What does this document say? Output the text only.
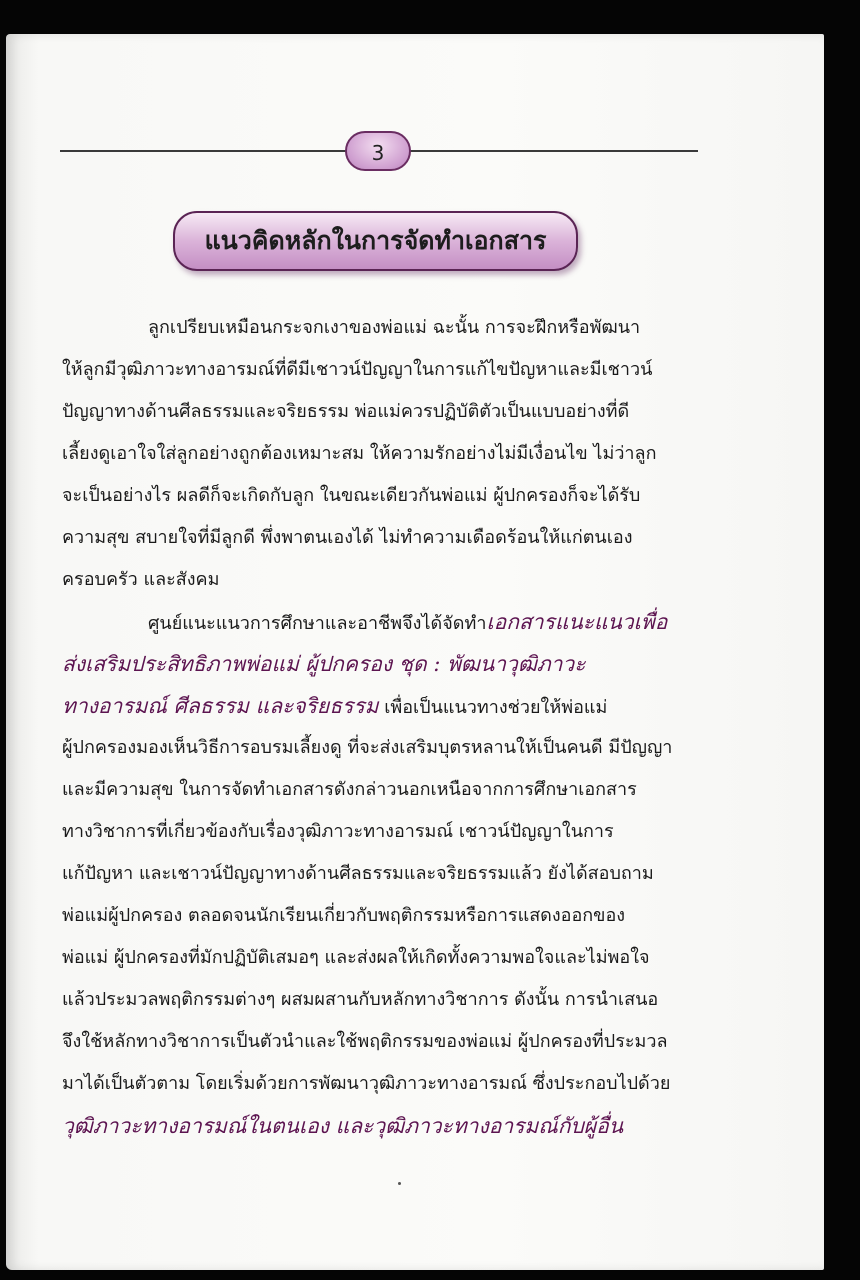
3
แนวคิดหลักในการจัดทำเอกสาร
ลูกเปรียบเหมือนกระจกเงาของพ่อแม่ ฉะนั้น การจะฝึกหรือพัฒนา
ให้ลูกมีวุฒิภาวะทางอารมณ์ที่ดีมีเชาวน์ปัญญาในการแก้ไขปัญหาและมีเชาวน์
ปัญญาทางด้านศีลธรรมและจริยธรรม พ่อแม่ควรปฏิบัติตัวเป็นแบบอย่างที่ดี
เลี้ยงดูเอาใจใส่ลูกอย่างถูกต้องเหมาะสม ให้ความรักอย่างไม่มีเงื่อนไข ไม่ว่าลูก
จะเป็นอย่างไร ผลดีก็จะเกิดกับลูก ในขณะเดียวกันพ่อแม่ ผู้ปกครองก็จะได้รับ
ความสุข สบายใจที่มีลูกดี พึ่งพาตนเองได้ ไม่ทำความเดือดร้อนให้แก่ตนเอง
ครอบครัว และสังคม
ศูนย์แนะแนวการศึกษาและอาชีพจึงได้จัดทำเอกสารแนะแนวเพื่อ
ส่งเสริมประสิทธิภาพพ่อแม่ ผู้ปกครอง ชุด : พัฒนาวุฒิภาวะ
ทางอารมณ์ ศีลธรรม และจริยธรรม เพื่อเป็นแนวทางช่วยให้พ่อแม่
ผู้ปกครองมองเห็นวิธีการอบรมเลี้ยงดู ที่จะส่งเสริมบุตรหลานให้เป็นคนดี มีปัญญา
และมีความสุข ในการจัดทำเอกสารดังกล่าวนอกเหนือจากการศึกษาเอกสาร
ทางวิชาการที่เกี่ยวข้องกับเรื่องวุฒิภาวะทางอารมณ์ เชาวน์ปัญญาในการ
แก้ปัญหา และเชาวน์ปัญญาทางด้านศีลธรรมและจริยธรรมแล้ว ยังได้สอบถาม
พ่อแม่ผู้ปกครอง ตลอดจนนักเรียนเกี่ยวกับพฤติกรรมหรือการแสดงออกของ
พ่อแม่ ผู้ปกครองที่มักปฏิบัติเสมอๆ และส่งผลให้เกิดทั้งความพอใจและไม่พอใจ
แล้วประมวลพฤติกรรมต่างๆ ผสมผสานกับหลักทางวิชาการ ดังนั้น การนำเสนอ
จึงใช้หลักทางวิชาการเป็นตัวนำและใช้พฤติกรรมของพ่อแม่ ผู้ปกครองที่ประมวล
มาได้เป็นตัวตาม โดยเริ่มด้วยการพัฒนาวุฒิภาวะทางอารมณ์ ซึ่งประกอบไปด้วย
วุฒิภาวะทางอารมณ์ในตนเอง และวุฒิภาวะทางอารมณ์กับผู้อื่น
